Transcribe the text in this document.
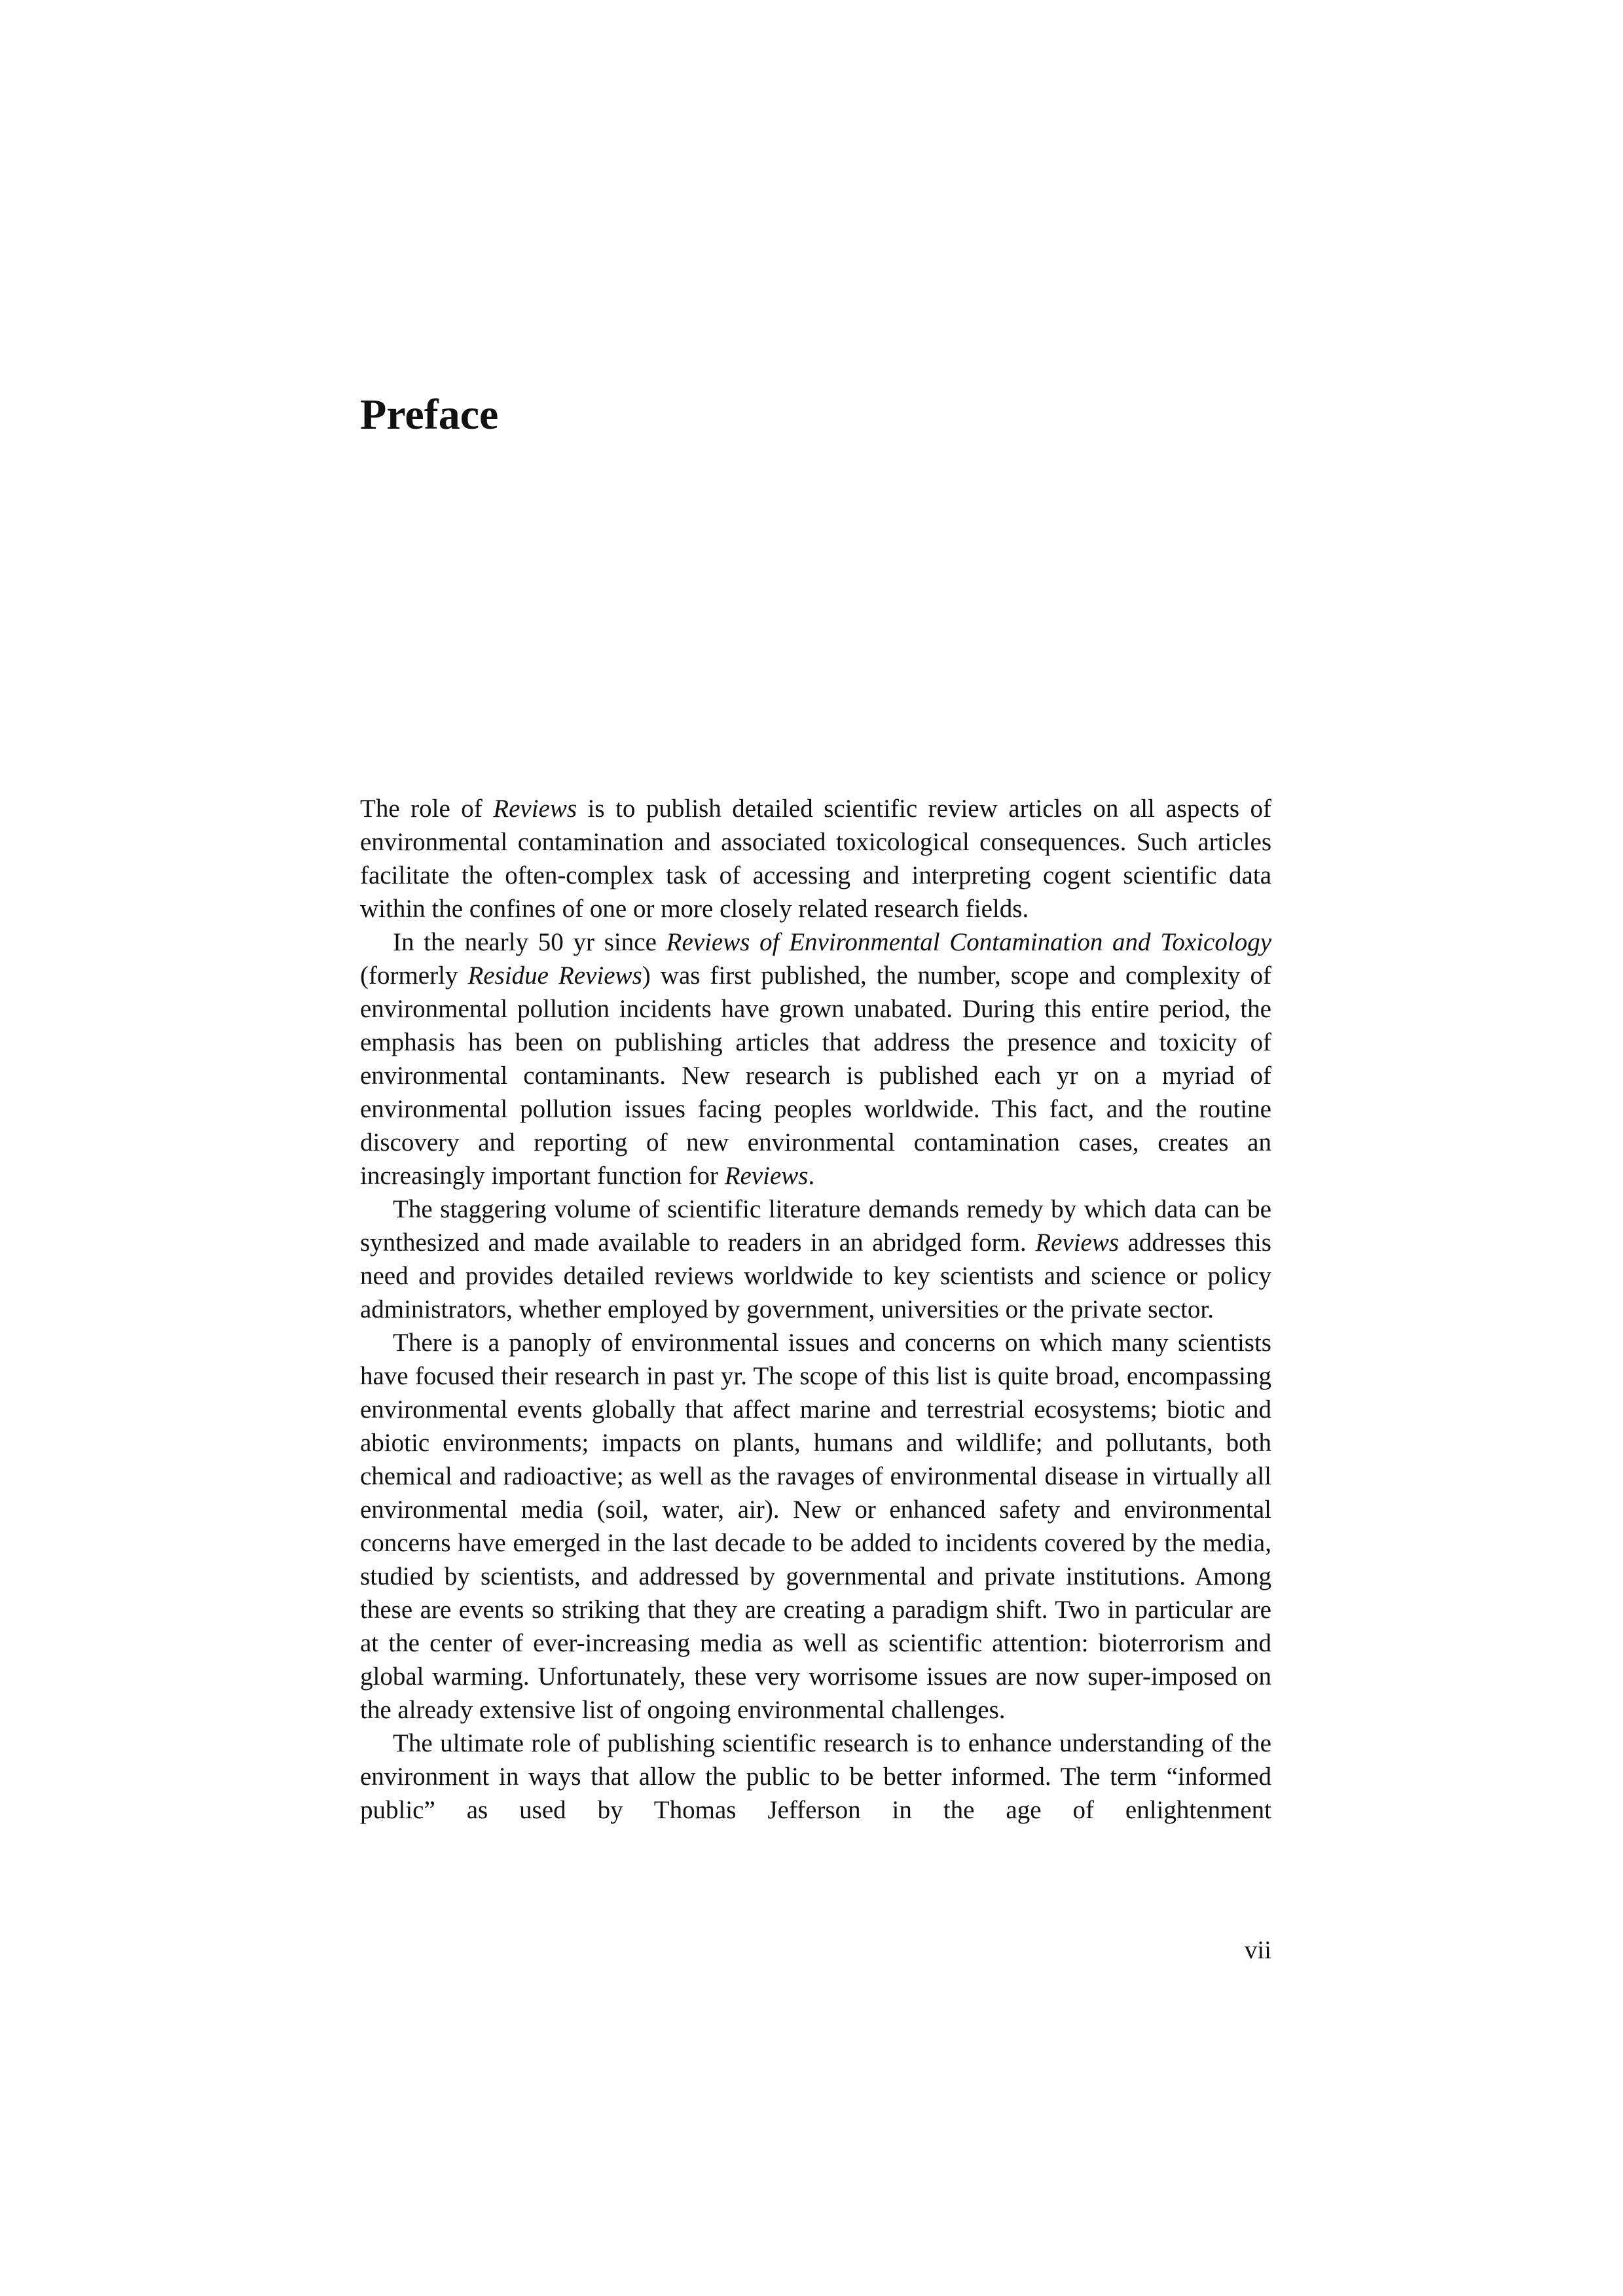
Preface

The role of Reviews is to publish detailed scientific review articles on all aspects of environmental contamination and associated toxicological consequences. Such articles facilitate the often-complex task of accessing and interpreting cogent scientific data within the confines of one or more closely related research fields.

In the nearly 50 yr since Reviews of Environmental Contamination and Toxicology (formerly Residue Reviews) was first published, the number, scope and complexity of environmental pollution incidents have grown unabated. During this entire period, the emphasis has been on publishing articles that address the presence and toxicity of environmental contaminants. New research is published each yr on a myriad of environmental pollution issues facing peoples worldwide. This fact, and the routine discovery and reporting of new environmental contamination cases, creates an increasingly important function for Reviews.

The staggering volume of scientific literature demands remedy by which data can be synthesized and made available to readers in an abridged form. Reviews addresses this need and provides detailed reviews worldwide to key scientists and science or policy administrators, whether employed by government, universities or the private sector.

There is a panoply of environmental issues and concerns on which many scientists have focused their research in past yr. The scope of this list is quite broad, encompassing environmental events globally that affect marine and terrestrial ecosystems; biotic and abiotic environments; impacts on plants, humans and wildlife; and pollutants, both chemical and radioactive; as well as the ravages of environmental disease in virtually all environmental media (soil, water, air). New or enhanced safety and environmental concerns have emerged in the last decade to be added to incidents covered by the media, studied by scientists, and addressed by governmental and private institutions. Among these are events so striking that they are creating a paradigm shift. Two in particular are at the center of ever-increasing media as well as scientific attention: bioterrorism and global warming. Unfortunately, these very worrisome issues are now super-imposed on the already extensive list of ongoing environmental challenges.

The ultimate role of publishing scientific research is to enhance understanding of the environment in ways that allow the public to be better informed. The term “informed public” as used by Thomas Jefferson in the age of enlightenment

vii
